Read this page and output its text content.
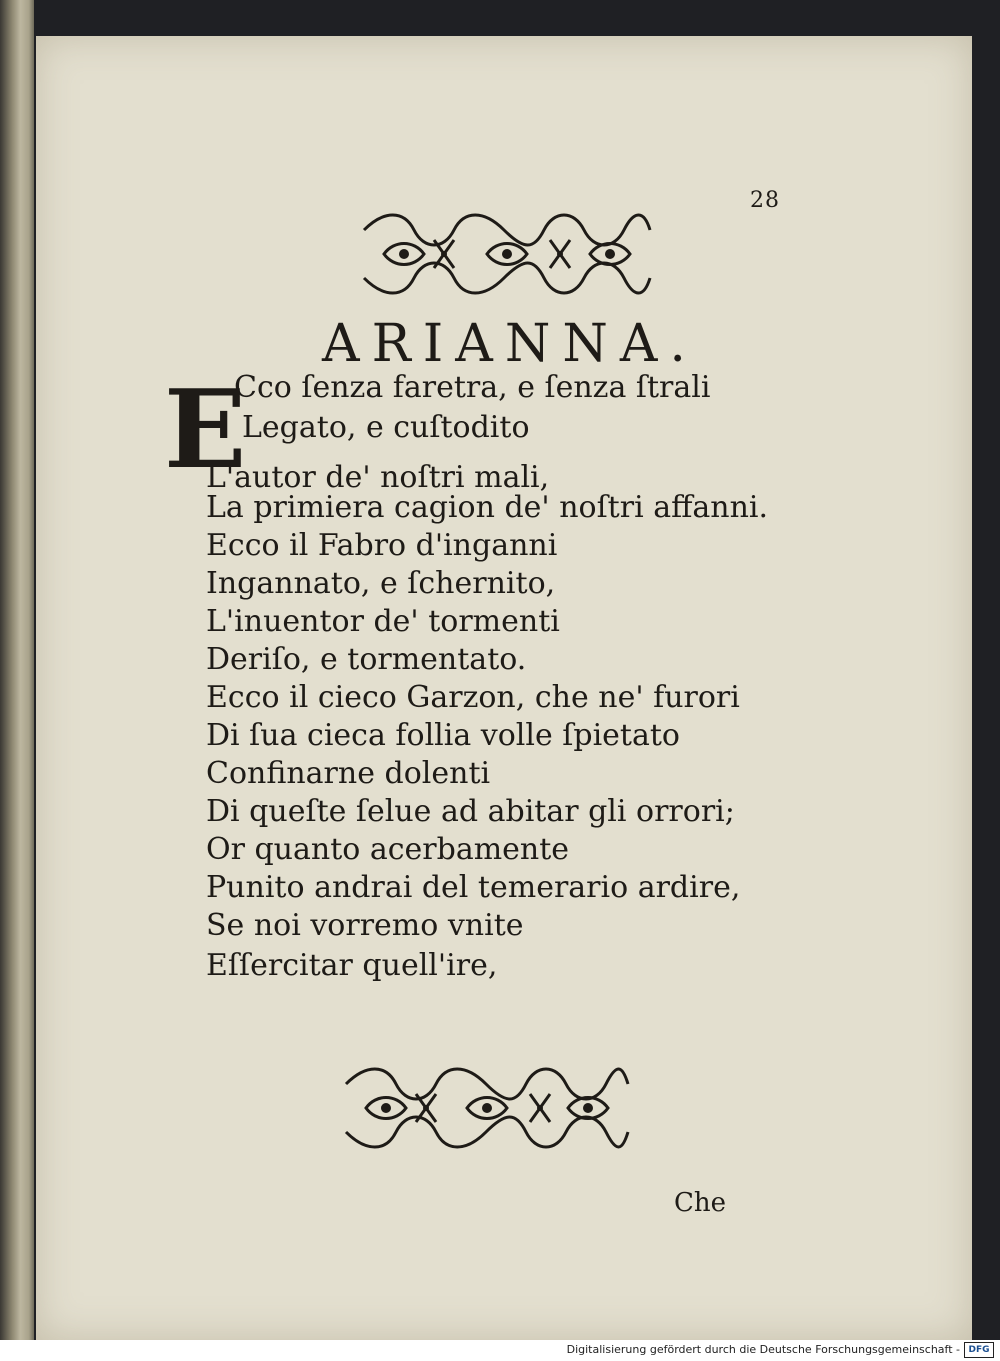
28
ARIANNA.
E
Cco ſenza faretra, e ſenza ſtrali
Legato, e cuſtodito
L'autor de' noſtri mali,
La primiera cagion de' noſtri affanni.
Ecco il Fabro d'inganni
Ingannato, e ſchernito,
L'inuentor de' tormenti
Deriſo, e tormentato.
Ecco il cieco Garzon, che ne' furori
Di ſua cieca follia volle ſpietato
Confinarne dolenti
Di queſte ſelue ad abitar gli orrori;
Or quanto acerbamente
Punito andrai del temerario ardire,
Se noi vorremo vnite
Eſſercitar quell'ire,
Che
Digitalisierung gefördert durch die Deutsche Forschungsgemeinschaft - DFG
